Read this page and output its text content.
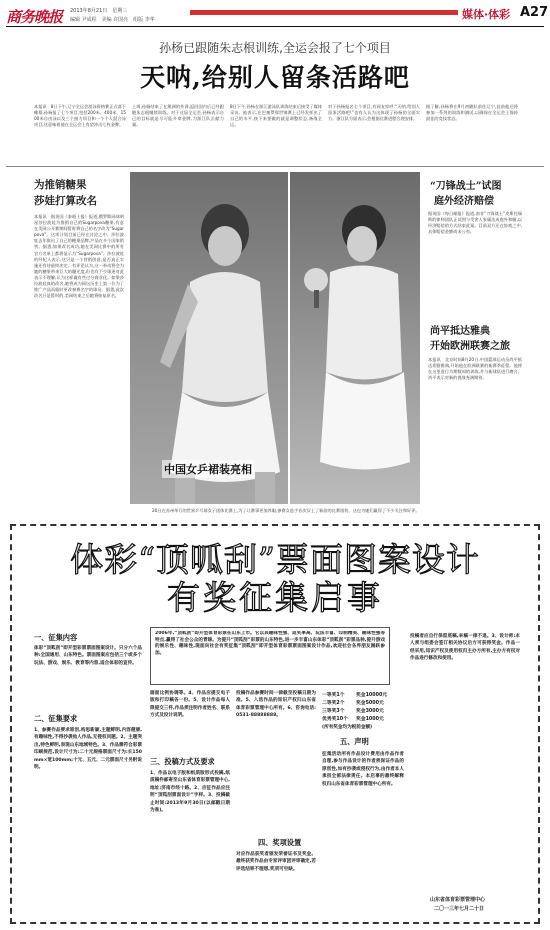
商务晚报 2013年8月21日　星期三
编辑 尹成程　美编 许国亮　组版 李华	媒体·体彩 A27
孙杨已跟随朱志根训练,全运会报了七个项目
天呐,给别人留条活路吧
本报讯　8日下午,辽宁全运会游泳资格赛正式落下帷幕,孙杨报了七个项目,包括200米、400米、1500米自由泳以及三个接力项目和一个个人混合泳项目,这意味着他在全运会上有望冲击七枚金牌。
上周,孙杨结束了在澳洲的外训,返回国内后已经跟随朱志根继续训练。对于这届全运会,孙杨表示自己的目标就是尽可能多拿金牌,为浙江队贡献力量。
8日下午,孙杨在浙江游泳队训练结束后接受了媒体采访。他表示,在巴塞罗那世锦赛上已经发挥出了自己的水平,接下来要做的就是调整状态,备战全运。
对于孙杨报名七个项目,有网友惊呼:“天呐,给别人留条活路吧!”也有人认为这体现了孙杨的全面实力。浙江队方面表示,会根据比赛进程合理安排。
据了解,孙杨将在9月初随队前往辽宁,此前他还将参加一系列的训练和测试,以确保在全运会上保持最佳的竞技状态。
为推销糖果
莎娃打算改名
本报讯　据英国《泰晤士报》报道,俄罗斯网球明星莎拉波娃为推销自己的Sugarpova糖果,有意在美网公开赛期间暂时将自己的名字改为“Sugarpova”。这项计划目前已经在讨论之中。莎拉波娃去年推出了自己的糖果品牌,产品在多个国家销售。据悉,如果改名成功,她在美网比赛中的所有官方名单上都将显示为“Sugarpova”。莎拉波娃的经纪人表示,这只是一个营销创意,是否真正实施还有待最终决定。有评论认为,这一举动将会为她的糖果带来巨大的曝光度,但也有不少球迷对此表示不理解,认为这样做有些过分商业化。如果莎拉波娃真的改名,她将成为网坛历史上第一位为了推广产品而临时更改参赛名字的球员。据悉,此次改名只是暂时的,美网结束之后她将恢复原名。
中国女乒裙装亮相
20日在苏州举行的世界乒乓球女子团体比赛上,为了让赛事更加养眼,参赛女选手首次穿上了新款的比赛裙装。这也为她们赢得了不少关注和好评。
“刀锋战士”试图
庭外经济赔偿
据英国《每日邮报》报道,南非“刀锋战士”皮斯托瑞斯的律师团队正试图与受害人家属达成庭外和解,以经济赔偿的方式结束此案。目前双方还在协商之中,具体赔偿金额尚未公布。
尚平抵达雅典
开始欧洲联赛之旅
本报讯　北京时间8月20日,中国篮球运动员尚平抵达希腊雅典,开始他在欧洲联赛的新赛季征程。他将在这里进行为期数周的训练,并与新球队进行磨合。尚平表示对新的挑战充满期待。
体彩“顶呱刮”票面图案设计
有奖征集启事
2006年,“顶呱刮”即开型体育彩票在山东上市。它以其趣味性强、返奖率高、玩法丰富、印制精美、趣味性强等特点,赢得了社会公众的青睐。为提升“顶呱刮”彩票的山东特色,进一步丰富山东体彩“顶呱刮”彩票品种,提升游戏的娱乐性、趣味性,现面向社会有奖征集“顶呱刮”即开型体育彩票票面图案设计作品,欢迎社会各界朋友踊跃参加。
一、征集内容
体彩“顶呱刮”即开型彩票票面图案设计。只分六个品种:全国通用、山东特色。票面图案应包括三个或多个玩法、游戏、娱乐、教育等内容,适合体彩的宣传。
二、征集要求
1、参赛作品要求原创,构思新颖,主题鲜明,内容健康,有趣味性,不得抄袭他人作品,无侵权问题。2、主题突出,特色鲜明,表现山东地域特色。3、作品需符合彩票印刷规范,设计尺寸为:二十元规格票面尺寸为:长150mm×宽100mm;十元、五元、二元票面尺寸另附说明。
画面比例协调等。4、作品应提交电子版和打印稿各一份。5、设计作品每人限提交三件,作品须注明作者姓名、联系方式及设计说明。
三、投稿方式及要求
1、作品以电子版和纸质版形式投稿,纸质稿件邮寄至山东省体育彩票管理中心,地址:济南市经十路。2、应征作品应注明“顶呱刮票面设计”字样。3、投稿截止时间:2013年9月30日(以邮戳日期为准)。
投稿作品参赛时间一律截至投稿日期为准。5、入选作品的知识产权归山东省体育彩票管理中心所有。6、咨询电话:0531-88888888。
四、奖项设置
对应作品获奖者颁发荣誉证书及奖金。最终获奖作品由专家评审团评审确定,若评选结果不理想,奖项可空缺。
一等奖1个 奖金10000元
二等奖2个 奖金5000元
三等奖3个 奖金3000元
优秀奖10个 奖金1000元
(所有奖金均为税前金额)
五、声明
征集活动所有作品设计费用由作品作者自理,参与作品设计的作者须保证作品的原创性,如有抄袭或侵权行为,由作者本人承担全部法律责任。本启事的最终解释权归山东省体育彩票管理中心所有。
投稿者应自行保留底稿,来稿一律不退。3、设计师:本人须与组委会签订相关协议后方可获得奖金。作品一经采用,知识产权及使用权归主办方所有,主办方有权对作品进行修改和使用。
山东省体育彩票管理中心
二〇一三年七月二十日
